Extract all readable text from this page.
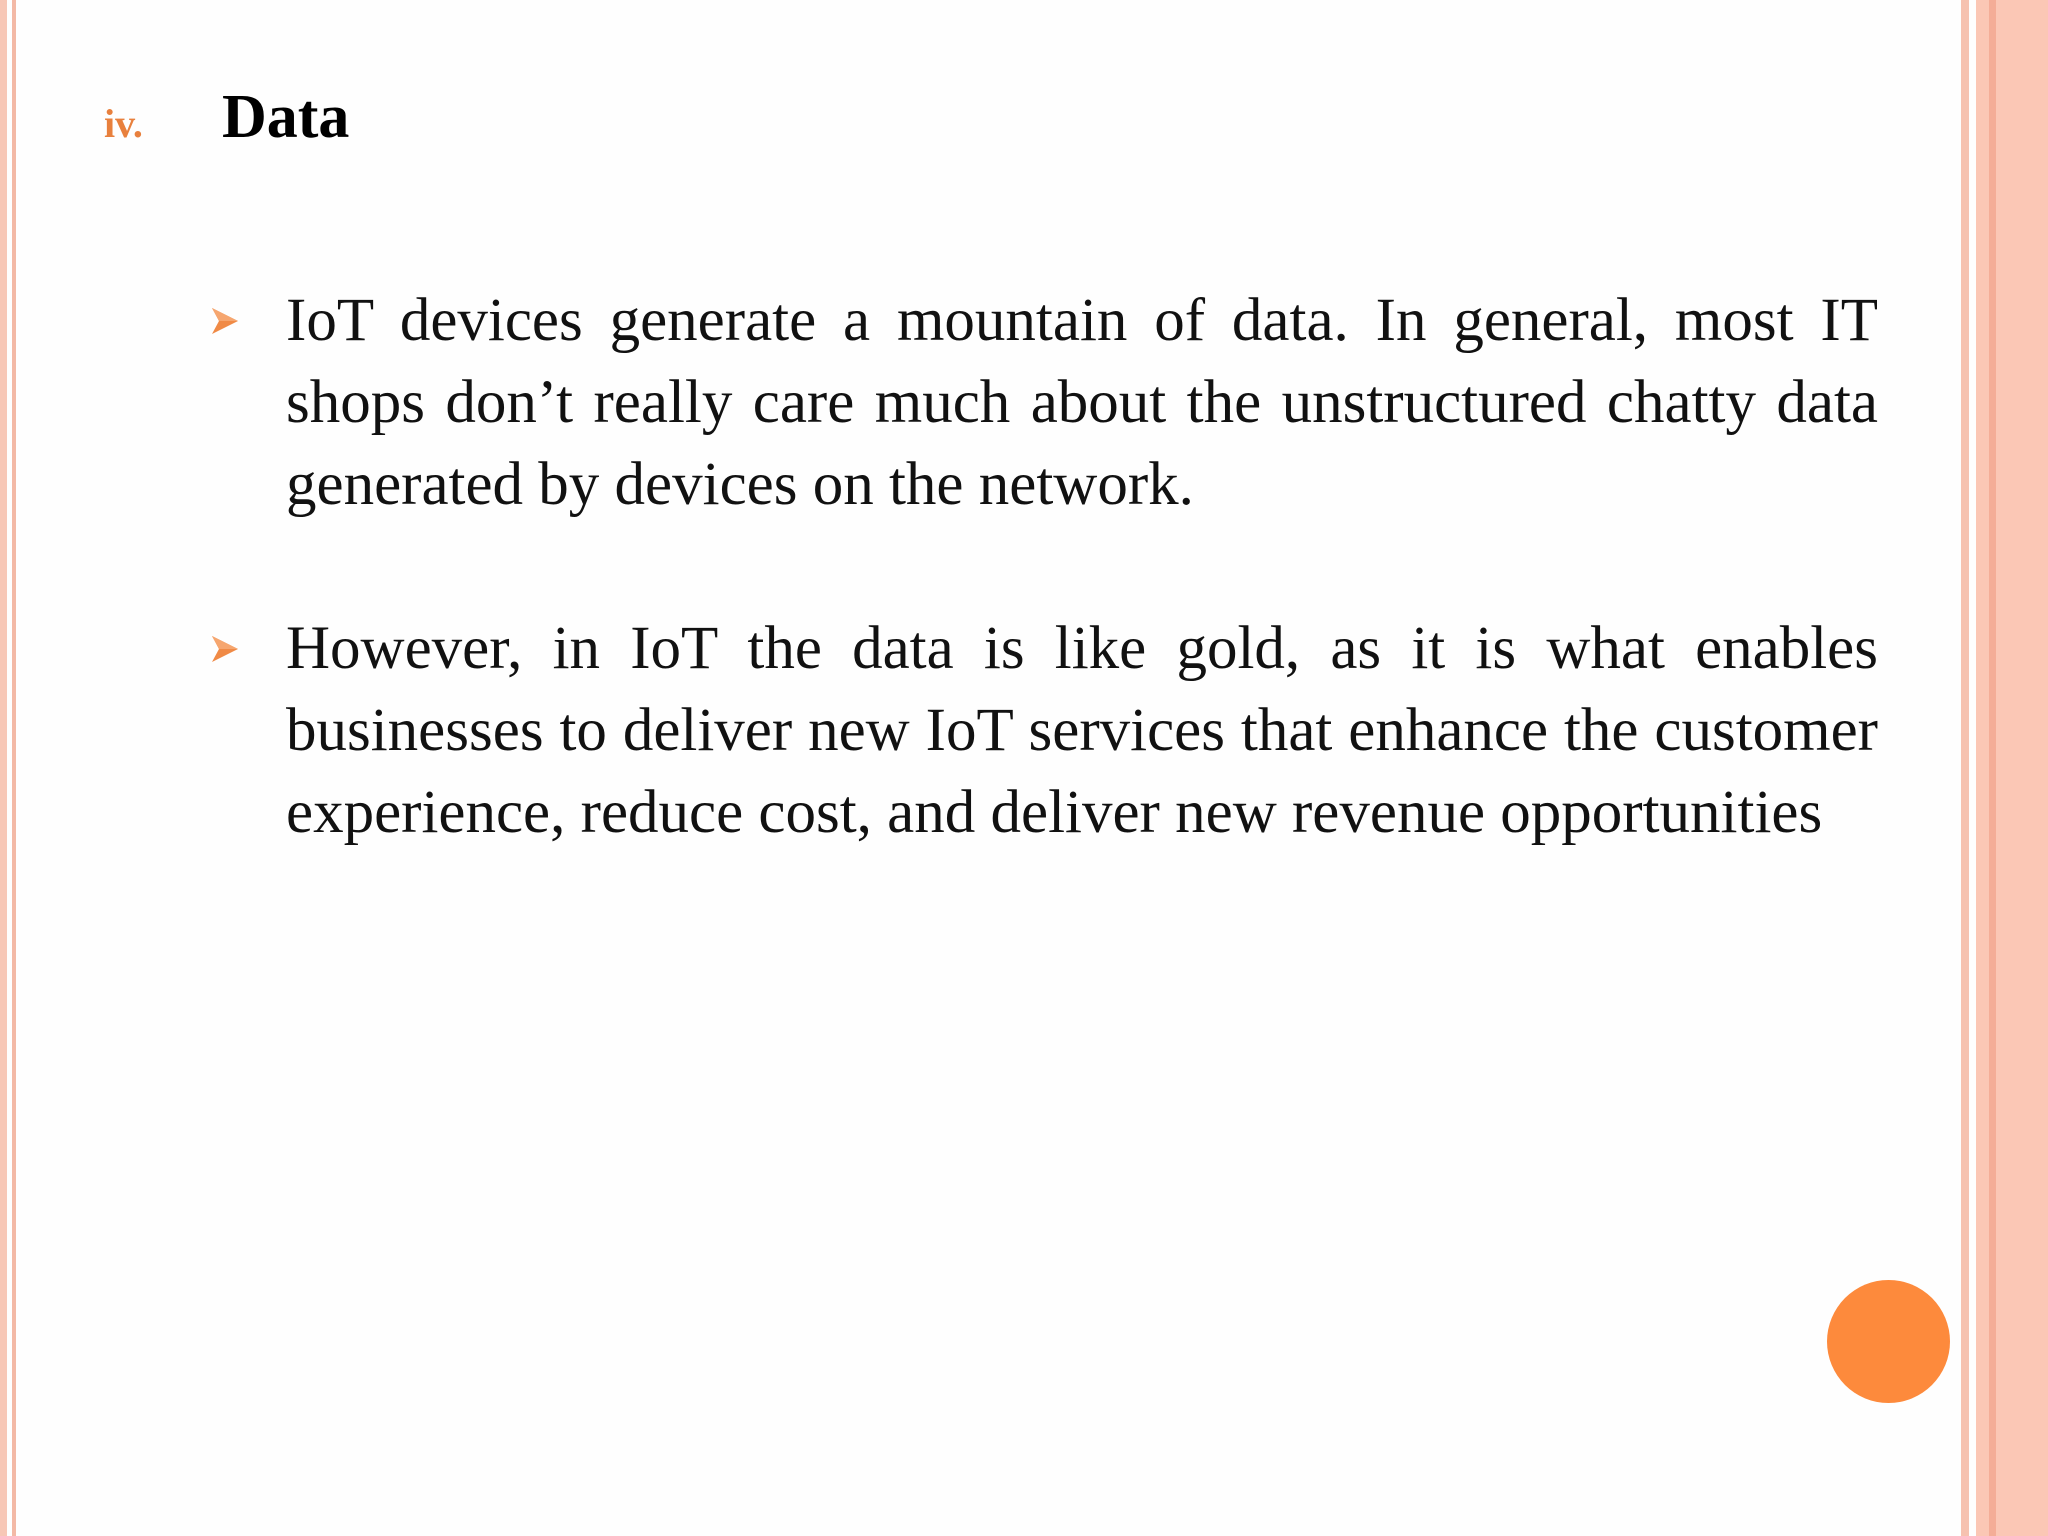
iv.	Data
IoT devices generate a mountain of data. In general, most IT shops don’t really care much about the unstructured chatty data generated by devices on the network.
However, in IoT the data is like gold, as it is what enables businesses to deliver new IoT services that enhance the customer experience, reduce cost, and deliver new revenue opportunities
